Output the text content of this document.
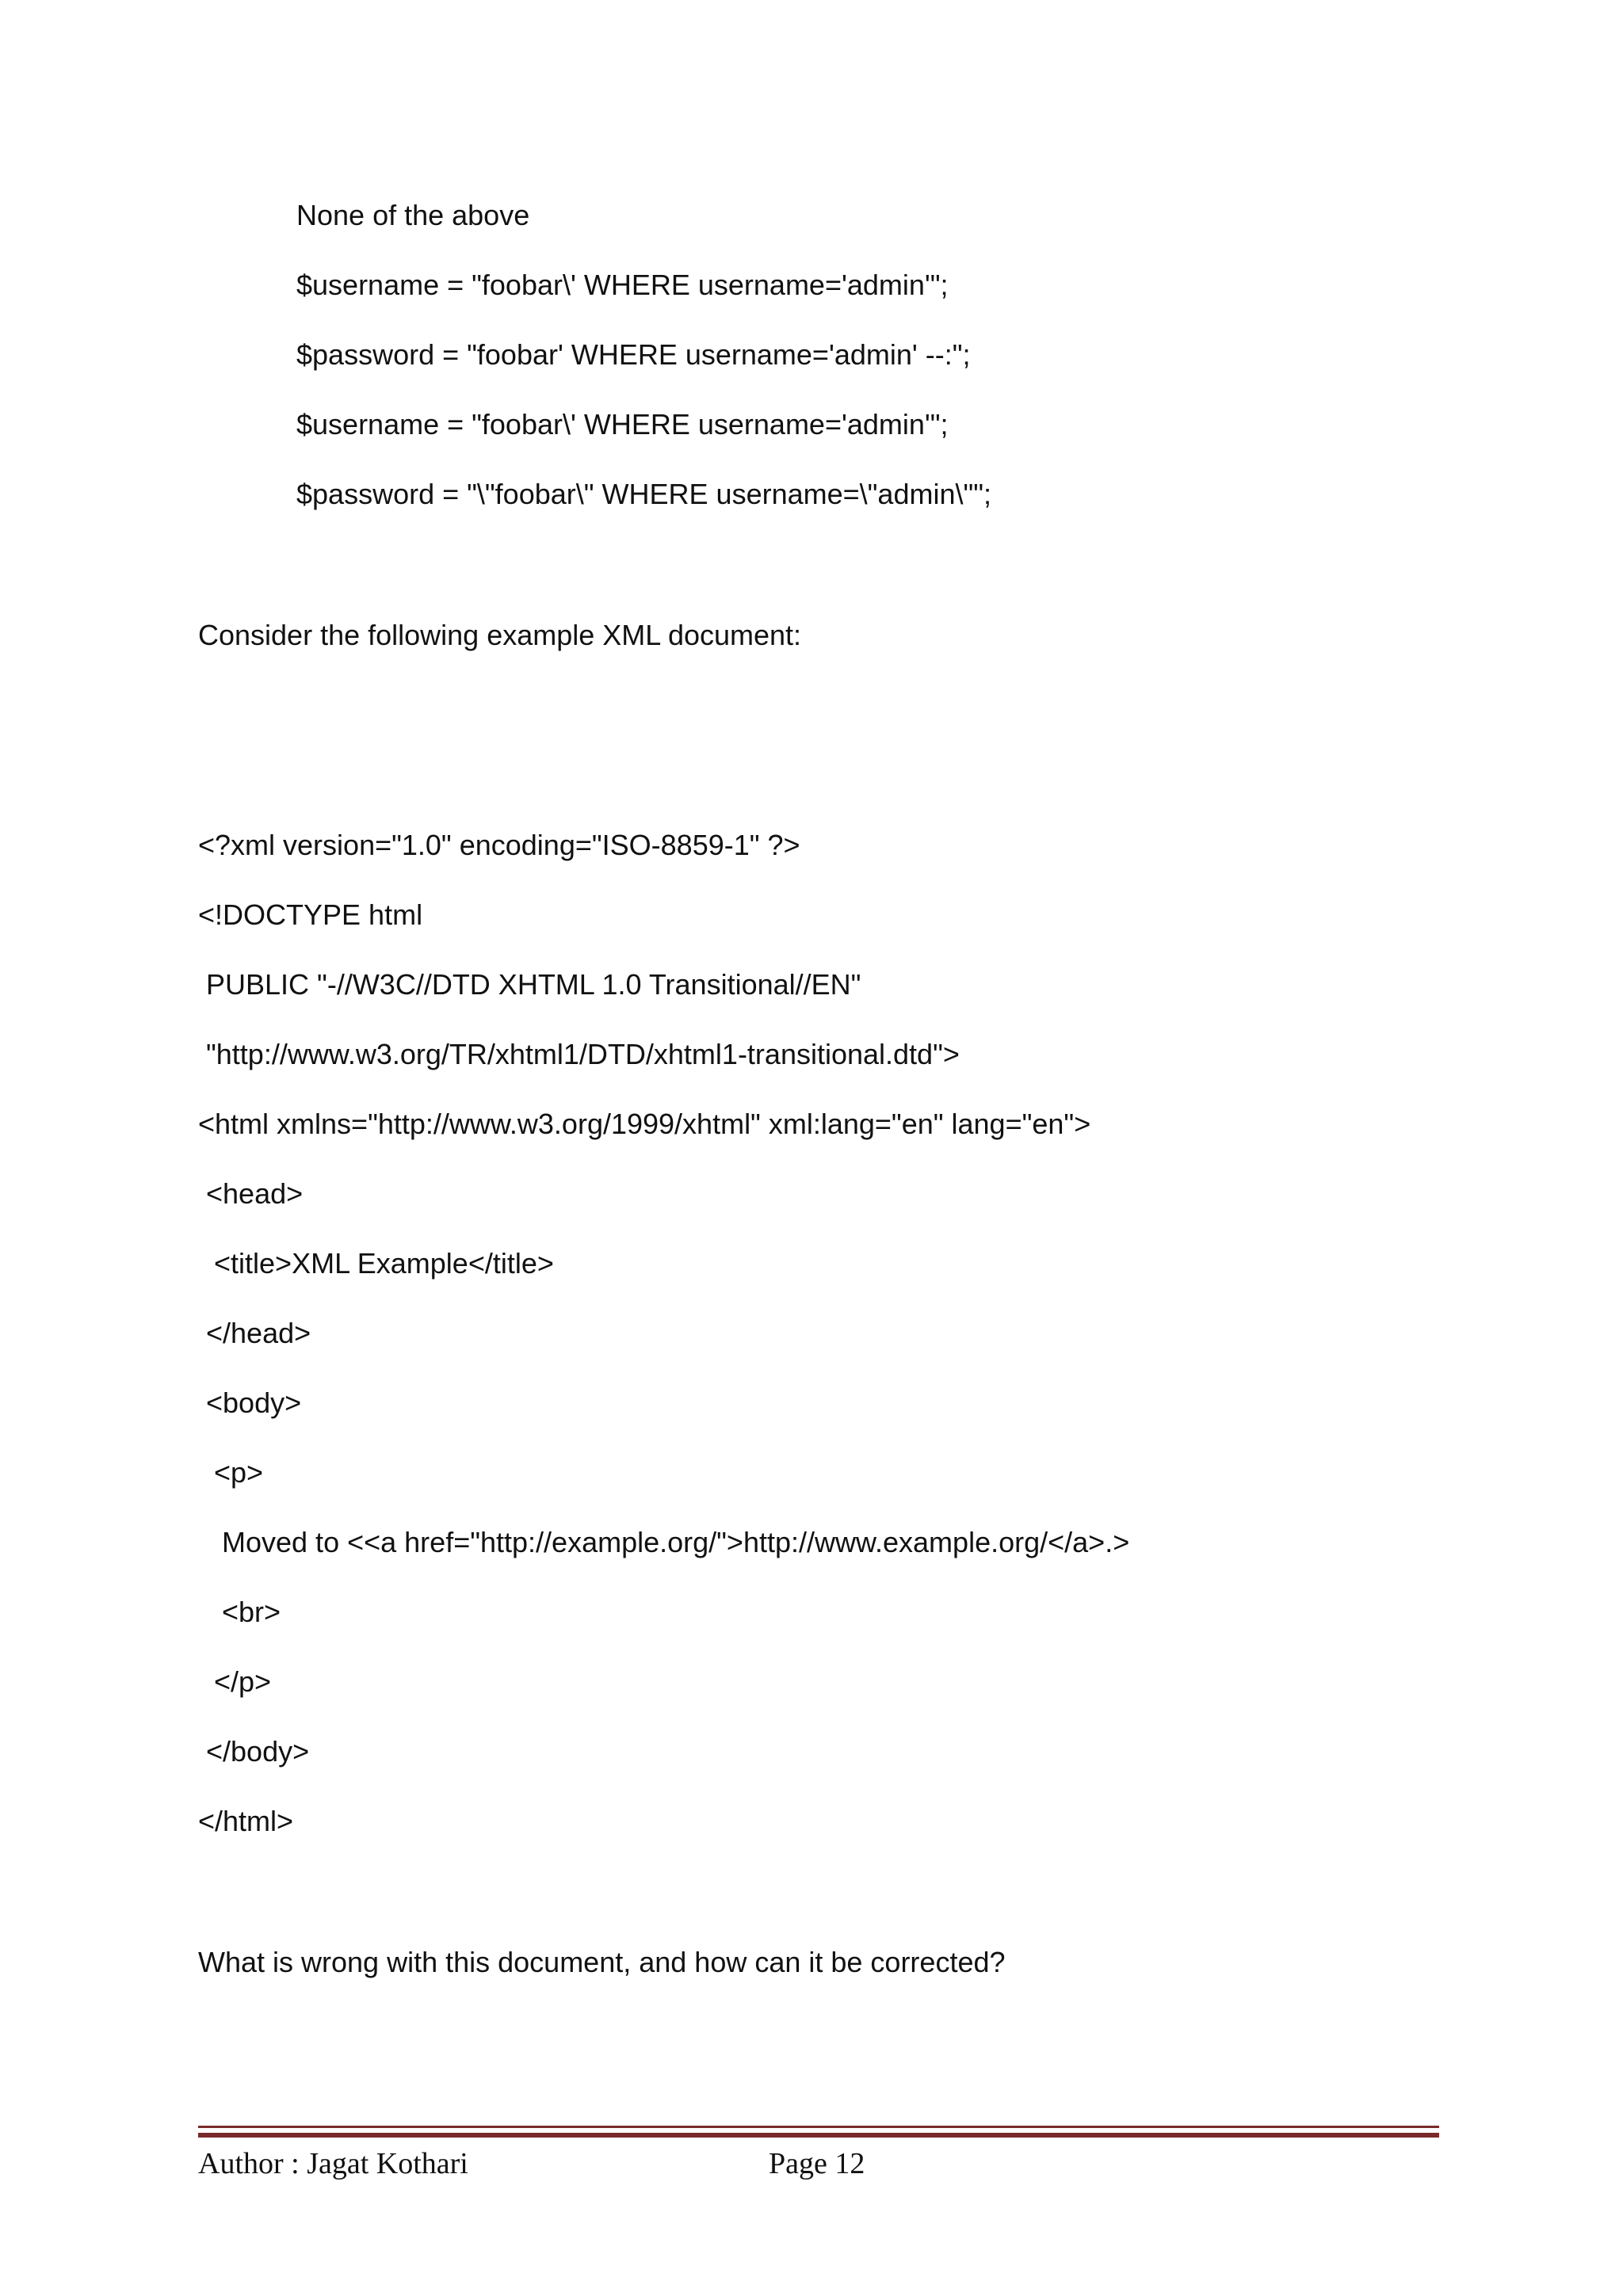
None of the above
$username = "foobar\' WHERE username='admin'";
$password = "foobar' WHERE username='admin' --:";
$username = "foobar\' WHERE username='admin'";
$password = "\"foobar\" WHERE username=\"admin\"";
Consider the following example XML document:
<?xml version="1.0" encoding="ISO-8859-1" ?>
<!DOCTYPE html
PUBLIC "-//W3C//DTD XHTML 1.0 Transitional//EN"
"http://www.w3.org/TR/xhtml1/DTD/xhtml1-transitional.dtd">
<html xmlns="http://www.w3.org/1999/xhtml" xml:lang="en" lang="en">
<head>
<title>XML Example</title>
</head>
<body>
<p>
Moved to <<a href="http://example.org/">http://www.example.org/</a>.>
<br>
</p>
</body>
</html>
What is wrong with this document, and how can it be corrected?
Author : Jagat Kothari	Page 12
